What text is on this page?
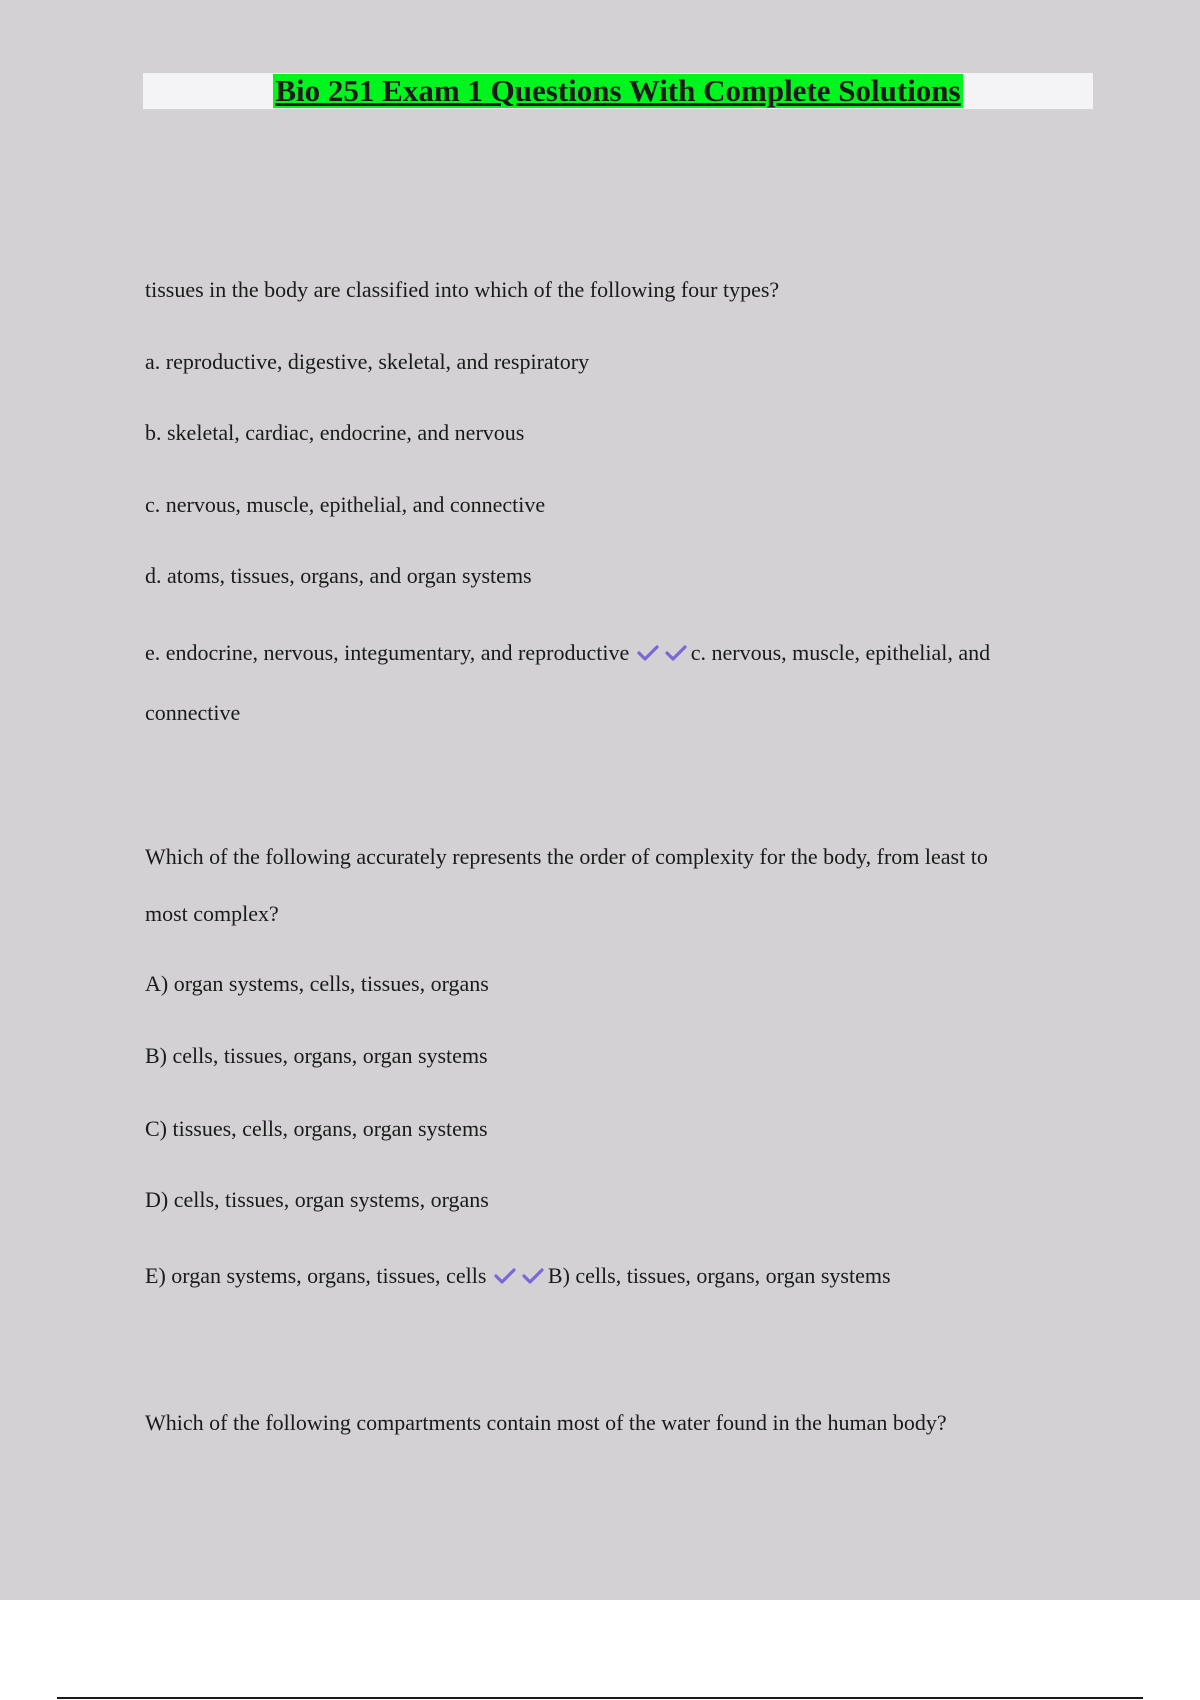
Bio 251 Exam 1 Questions With Complete Solutions
tissues in the body are classified into which of the following four types?
a. reproductive, digestive, skeletal, and respiratory
b. skeletal, cardiac, endocrine, and nervous
c. nervous, muscle, epithelial, and connective
d. atoms, tissues, organs, and organ systems
e. endocrine, nervous, integumentary, and reproductive	c. nervous, muscle, epithelial, and
connective
Which of the following accurately represents the order of complexity for the body, from least to
most complex?
A) organ systems, cells, tissues, organs
B) cells, tissues, organs, organ systems
C) tissues, cells, organs, organ systems
D) cells, tissues, organ systems, organs
E) organ systems, organs, tissues, cells	B) cells, tissues, organs, organ systems
Which of the following compartments contain most of the water found in the human body?
